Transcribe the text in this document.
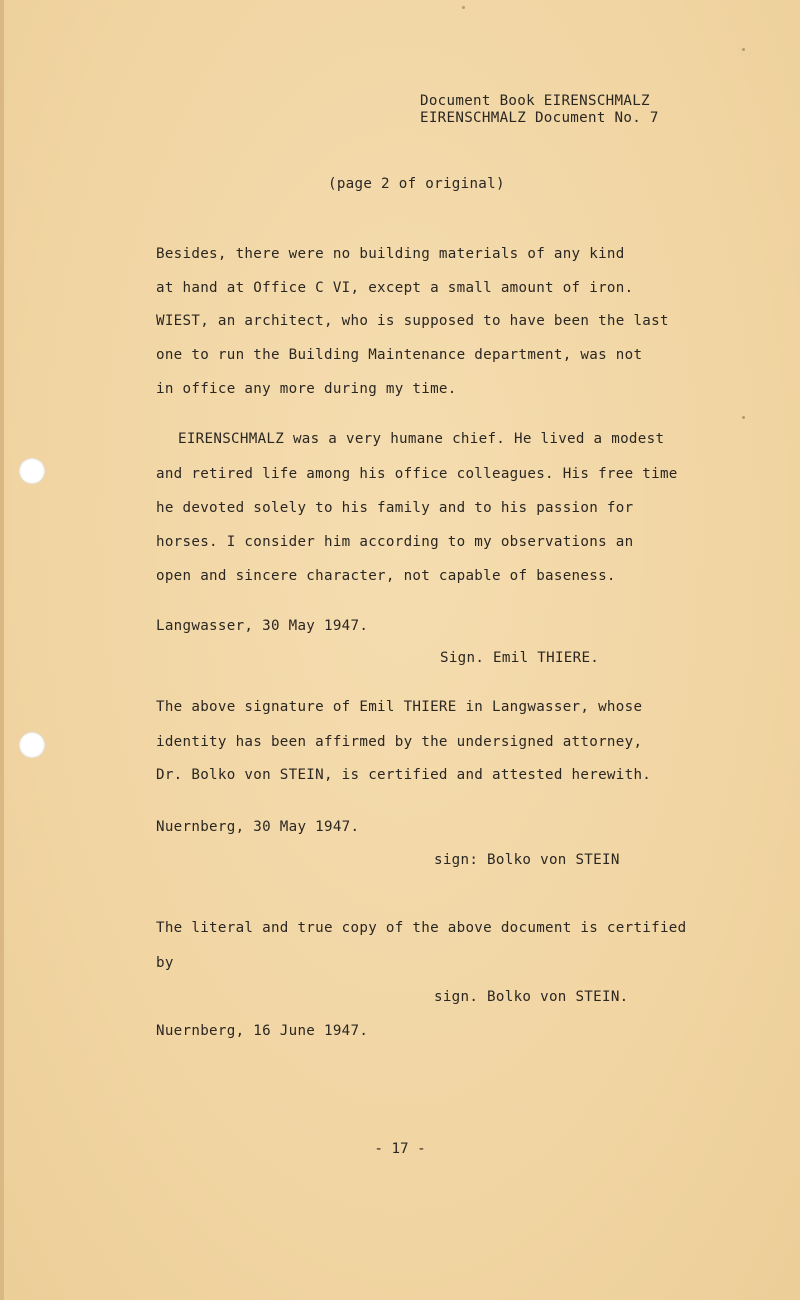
Document Book EIRENSCHMALZ
EIRENSCHMALZ Document No. 7
(page 2 of original)
Besides, there were no building materials of any kind
at hand at Office C VI, except a small amount of iron.
WIEST, an architect, who is supposed to have been the last
one to run the Building Maintenance department, was not
in office any more during my time.
EIRENSCHMALZ was a very humane chief. He lived a modest
and retired life among his office colleagues. His free time
he devoted solely to his family and to his passion for
horses. I consider him according to my observations an
open and sincere character, not capable of baseness.
Langwasser, 30 May 1947.
Sign. Emil THIERE.
The above signature of Emil THIERE in Langwasser, whose
identity has been affirmed by the undersigned attorney,
Dr. Bolko von STEIN, is certified and attested herewith.
Nuernberg, 30 May 1947.
sign: Bolko von STEIN
The literal and true copy of the above document is certified
by
sign. Bolko von STEIN.
Nuernberg, 16 June 1947.
- 17 -
